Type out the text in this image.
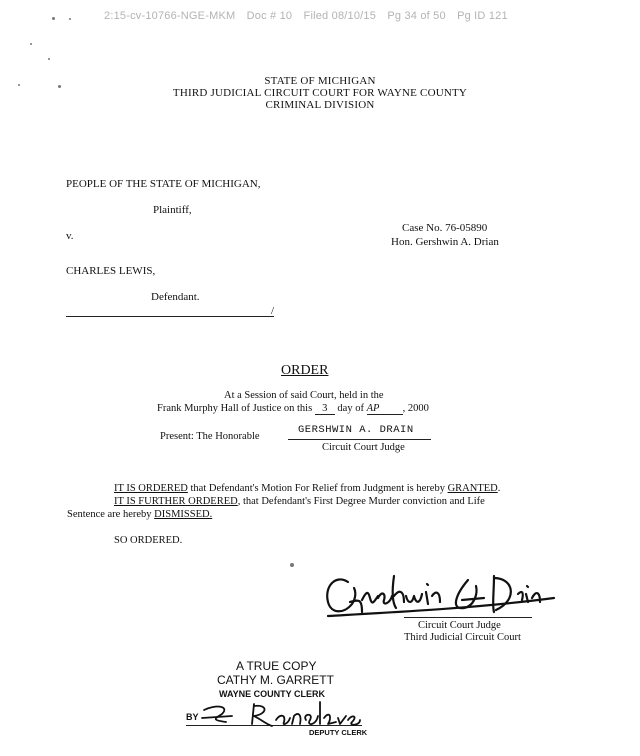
2:15-cv-10766-NGE-MKM Doc # 10 Filed 08/10/15 Pg 34 of 50 Pg ID 121
STATE OF MICHIGAN
THIRD JUDICIAL CIRCUIT COURT FOR WAYNE COUNTY
CRIMINAL DIVISION
PEOPLE OF THE STATE OF MICHIGAN,
Plaintiff,
v.
CHARLES LEWIS,
Defendant.
/
Case No. 76-05890
Hon. Gershwin A. Drian
ORDER
At a Session of said Court, held in the
Frank Murphy Hall of Justice on this 3 day of AP , 2000
Present: The Honorable
GERSHWIN A. DRAIN
Circuit Court Judge
IT IS ORDERED that Defendant's Motion For Relief from Judgment is hereby GRANTED.
IT IS FURTHER ORDERED, that Defendant's First Degree Murder conviction and Life
Sentence are hereby DISMISSED.
SO ORDERED.
Circuit Court Judge
Third Judicial Circuit Court
A TRUE COPY
CATHY M. GARRETT
WAYNE COUNTY CLERK
BY
DEPUTY CLERK
